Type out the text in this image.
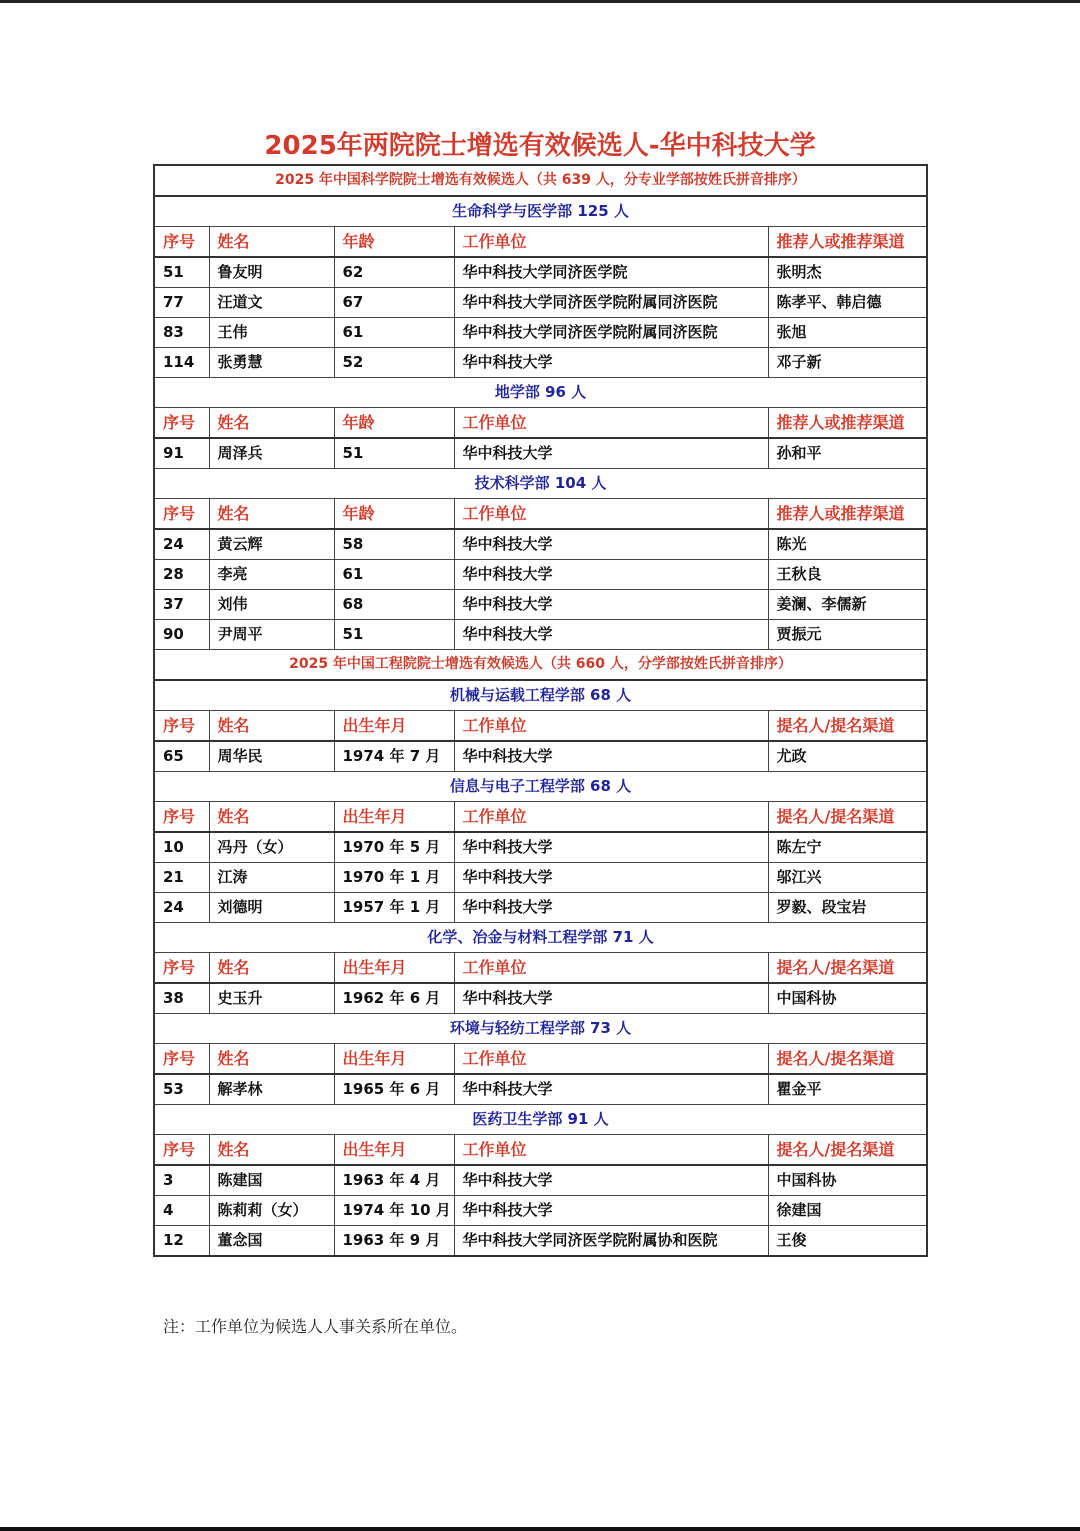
2025年两院院士增选有效候选人-华中科技大学
2025 年中国科学院院士增选有效候选人（共 639 人，分专业学部按姓氏拼音排序）				
生命科学与医学部 125 人				
序号	姓名	年龄	工作单位	推荐人或推荐渠道
51	鲁友明	62	华中科技大学同济医学院	张明杰
77	汪道文	67	华中科技大学同济医学院附属同济医院	陈孝平、韩启德
83	王伟	61	华中科技大学同济医学院附属同济医院	张旭
114	张勇慧	52	华中科技大学	邓子新
地学部 96 人				
序号	姓名	年龄	工作单位	推荐人或推荐渠道
91	周泽兵	51	华中科技大学	孙和平
技术科学部 104 人				
序号	姓名	年龄	工作单位	推荐人或推荐渠道
24	黄云辉	58	华中科技大学	陈光
28	李亮	61	华中科技大学	王秋良
37	刘伟	68	华中科技大学	姜澜、李儒新
90	尹周平	51	华中科技大学	贾振元
2025 年中国工程院院士增选有效候选人（共 660 人，分学部按姓氏拼音排序）				
机械与运载工程学部 68 人				
序号	姓名	出生年月	工作单位	提名人/提名渠道
65	周华民	1974 年 7 月	华中科技大学	尤政
信息与电子工程学部 68 人				
序号	姓名	出生年月	工作单位	提名人/提名渠道
10	冯丹（女）	1970 年 5 月	华中科技大学	陈左宁
21	江涛	1970 年 1 月	华中科技大学	邬江兴
24	刘德明	1957 年 1 月	华中科技大学	罗毅、段宝岩
化学、冶金与材料工程学部 71 人				
序号	姓名	出生年月	工作单位	提名人/提名渠道
38	史玉升	1962 年 6 月	华中科技大学	中国科协
环境与轻纺工程学部 73 人				
序号	姓名	出生年月	工作单位	提名人/提名渠道
53	解孝林	1965 年 6 月	华中科技大学	瞿金平
医药卫生学部 91 人				
序号	姓名	出生年月	工作单位	提名人/提名渠道
3	陈建国	1963 年 4 月	华中科技大学	中国科协
4	陈莉莉（女）	1974 年 10 月	华中科技大学	徐建国
12	董念国	1963 年 9 月	华中科技大学同济医学院附属协和医院	王俊
注：工作单位为候选人人事关系所在单位。
